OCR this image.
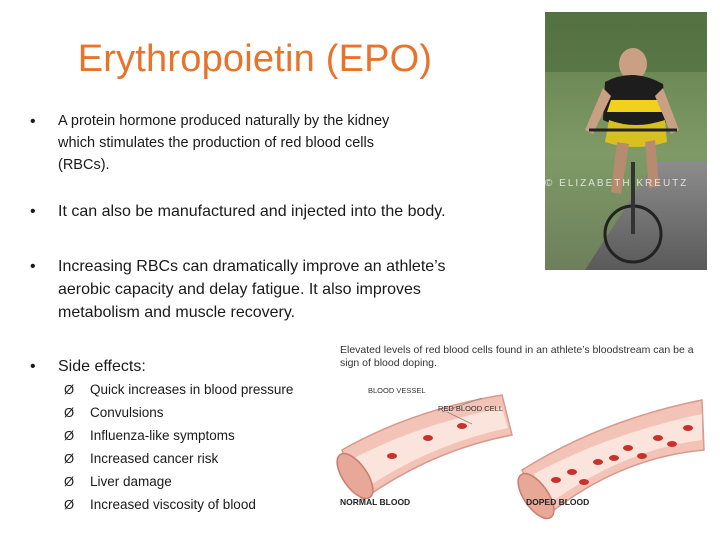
Erythropoietin (EPO)
• A protein hormone produced naturally by the kidney which stimulates the production of red blood cells (RBCs).
• It can also be manufactured and injected into the body.
• Increasing RBCs can dramatically improve an athlete’s aerobic capacity and delay fatigue. It also improves metabolism and muscle recovery.
• Side effects:
Ø Quick increases in blood pressure
Ø Convulsions
Ø Influenza-like symptoms
Ø Increased cancer risk
Ø Liver damage
Ø Increased viscosity of blood
© ELIZABETH KREUTZ
Elevated levels of red blood cells found in an athlete’s bloodstream can be a sign of blood doping.
BLOOD VESSEL
RED BLOOD CELL
NORMAL BLOOD	DOPED BLOOD
